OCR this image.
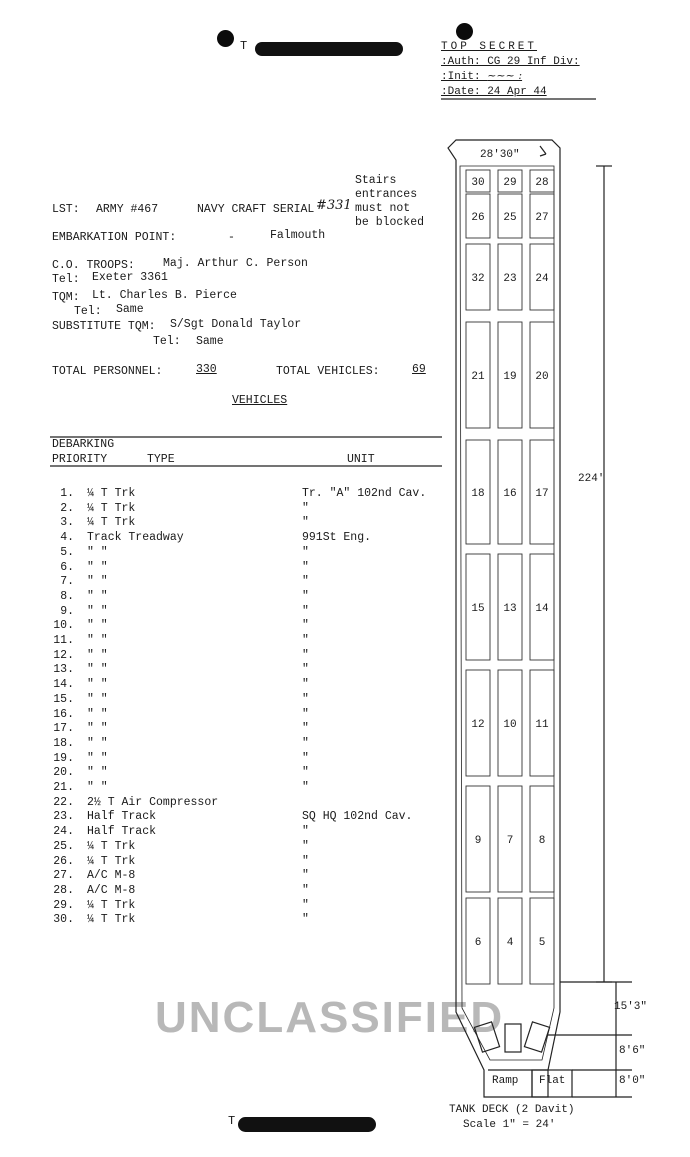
T	TOP SECRET
:Auth: CG 29 Inf Div:
:Init: ~~~ :
:Date: 24 Apr 44
LST: ARMY #467	NAVY CRAFT SERIAL #331
EMBARKATION POINT:	-	Falmouth
Stairs
entrances
must not
be blocked
C.O. TROOPS: Maj. Arthur C. Person
Tel: Exeter 3361
TQM: Lt. Charles B. Pierce
Tel: Same
SUBSTITUTE TQM: S/Sgt Donald Taylor
Tel: Same
TOTAL PERSONNEL:	330	TOTAL VEHICLES:	69
VEHICLES
DEBARKING
PRIORITY	TYPE	UNIT
1. ¼ T Trk	Tr. "A" 102nd Cav.
2. ¼ T Trk	"
3. ¼ T Trk	"
4. Track Treadway	991St Eng.
5. " "	"
6. " "	"
7. " "	"
8. " "	"
9. " "	"
10. " "	"
11. " "	"
12. " "	"
13. " "	"
14. " "	"
15. " "	"
16. " "	"
17. " "	"
18. " "	"
19. " "	"
20. " "	"
21. " "	"
22. 2½ T Air Compressor
23. Half Track	SQ HQ 102nd Cav.
24. Half Track	"
25. ¼ T Trk	"
26. ¼ T Trk	"
27. A/C M-8	"
28. A/C M-8	"
29. ¼ T Trk	"
30. ¼ T Trk	"
UNCLASSIFIED
T
30 29 28
26 25 27
32 23 24
21 19 20
18 16 17
15 13 14
12 10 11
9 7 8
6 4 5
28'30"
224'
15'3"
8'6"
8'0"
Ramp Flat
TANK DECK (2 Davit)
Scale 1" = 24'
